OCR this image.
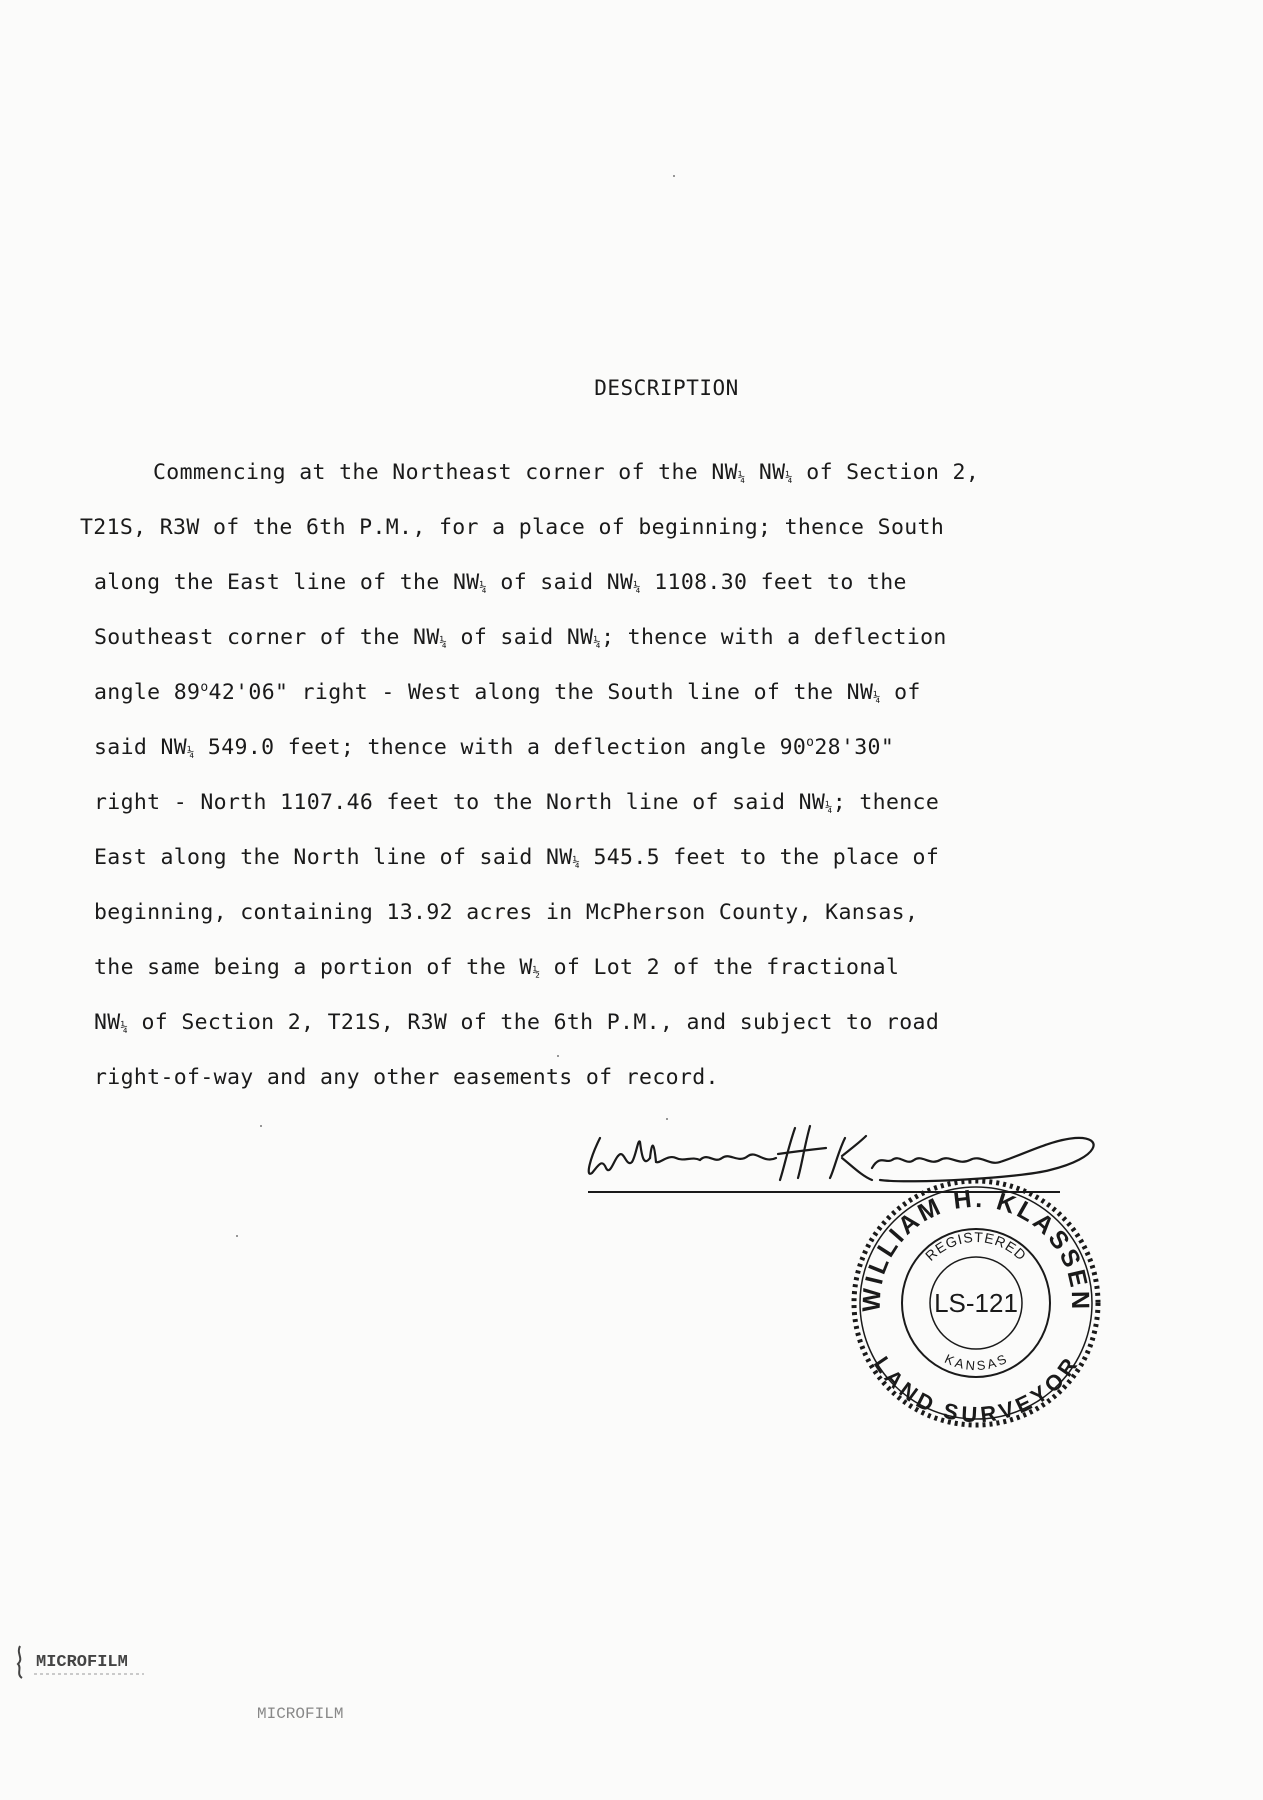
DESCRIPTION
Commencing at the Northeast corner of the NW¼ NW¼ of Section 2,
T21S, R3W of the 6th P.M., for a place of beginning; thence South
along the East line of the NW¼ of said NW¼ 1108.30 feet to the
Southeast corner of the NW¼ of said NW¼; thence with a deflection
angle 89$^o$42'06" right - West along the South line of the NW¼ of
said NW¼ 549.0 feet; thence with a deflection angle 90$^o$28'30"
right - North 1107.46 feet to the North line of said NW¼; thence
East along the North line of said NW¼ 545.5 feet to the place of
beginning, containing 13.92 acres in McPherson County, Kansas,
the same being a portion of the W½ of Lot 2 of the fractional
NW¼ of Section 2, T21S, R3W of the 6th P.M., and subject to road
right-of-way and any other easements of record.
WILLIAM H. KLASSEN
LAND SURVEYOR
REGISTERED
KANSAS
LS-121
MICROFILM
MICROFILM
